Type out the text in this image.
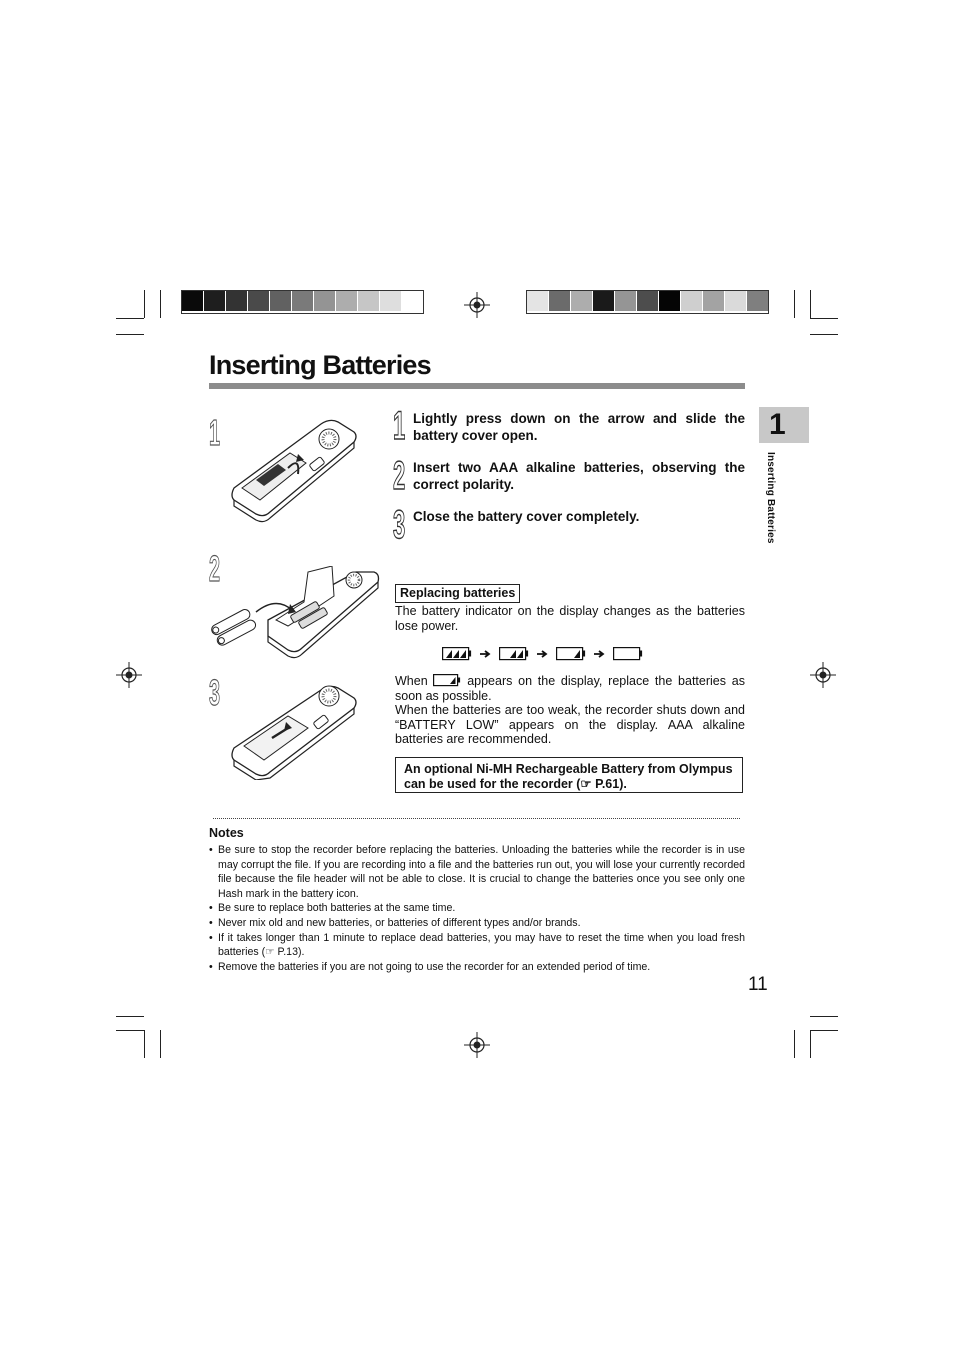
Inserting Batteries
1
Inserting Batteries
1
2
3
1 Lightly press down on the arrow and slide the battery cover open.
2 Insert two AAA alkaline batteries, observing the correct polarity.
3 Close the battery cover completely.
Replacing batteries
The battery indicator on the display changes as the batteries lose power.
When	appears on the display, replace the batteries as soon as possible.
When the batteries are too weak, the recorder shuts down and “BATTERY LOW” appears on the display. AAA alkaline batteries are recommended.
An optional Ni-MH Rechargeable Battery from Olympus can be used for the recorder (☞ P.61).
Notes
• Be sure to stop the recorder before replacing the batteries. Unloading the batteries while the recorder is in use may corrupt the file. If you are recording into a file and the batteries run out, you will lose your currently recorded file because the file header will not be able to close. It is crucial to change the batteries once you see only one Hash mark in the battery icon.
• Be sure to replace both batteries at the same time.
• Never mix old and new batteries, or batteries of different types and/or brands.
• If it takes longer than 1 minute to replace dead batteries, you may have to reset the time when you load fresh batteries (☞ P.13).
• Remove the batteries if you are not going to use the recorder for an extended period of time.
11
